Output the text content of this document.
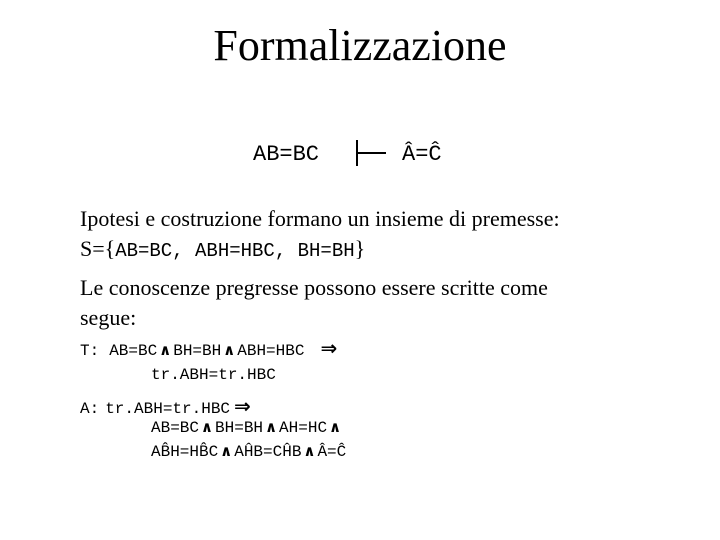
Formalizzazione
AB=BC	Â=Ĉ
Ipotesi e costruzione formano un insieme di premesse:
S={AB=BC, ABH=HBC, BH=BH}
Le conoscenze pregresse possono essere scritte come
segue:
T: AB=BC ∧ BH=BH ∧ ABH=HBC ⇒
tr.ABH=tr.HBC
A: tr.ABH=tr.HBC ⇒
AB=BC ∧ BH=BH ∧ AH=HC ∧
AB̂H=HB̂C ∧ AĤB=CĤB ∧ Â=Ĉ
